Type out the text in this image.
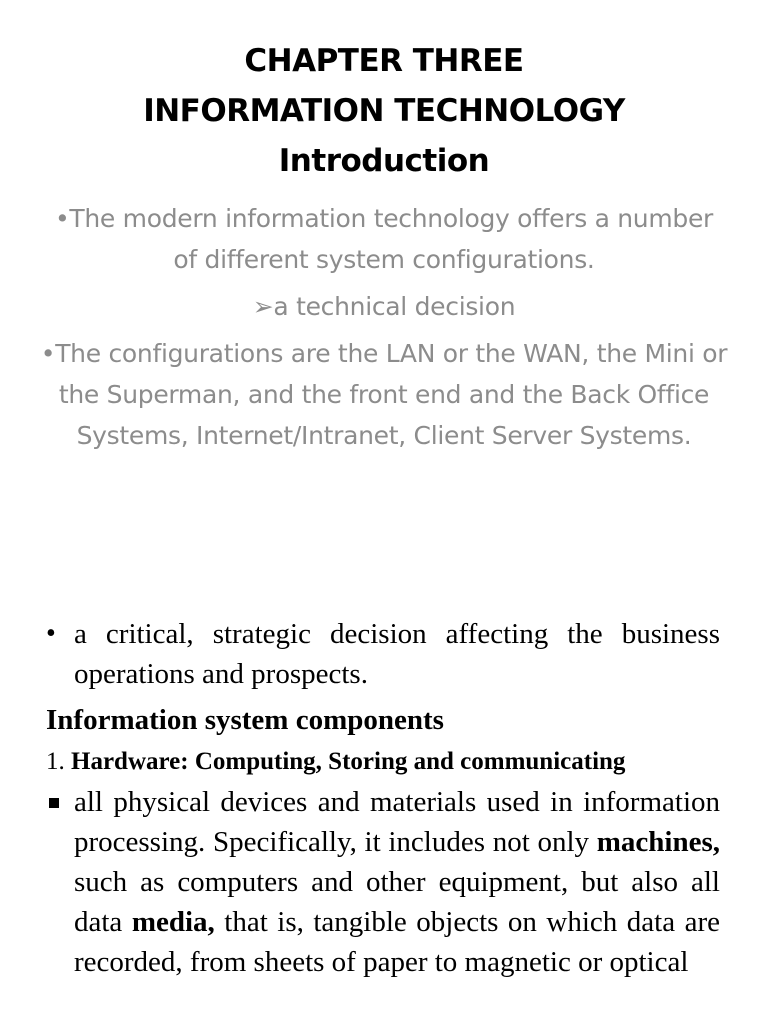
CHAPTER THREE
INFORMATION TECHNOLOGY
Introduction

•The modern information technology offers a number of different system configurations.

➢a technical decision

•The configurations are the LAN or the WAN, the Mini or the Superman, and the front end and the Back Office Systems, Internet/Intranet, Client Server Systems.

• a critical, strategic decision affecting the business operations and prospects.
Information system components
1. Hardware: Computing, Storing and communicating
all physical devices and materials used in information processing. Specifically, it includes not only machines, such as computers and other equipment, but also all data media, that is, tangible objects on which data are recorded, from sheets of paper to magnetic or optical
